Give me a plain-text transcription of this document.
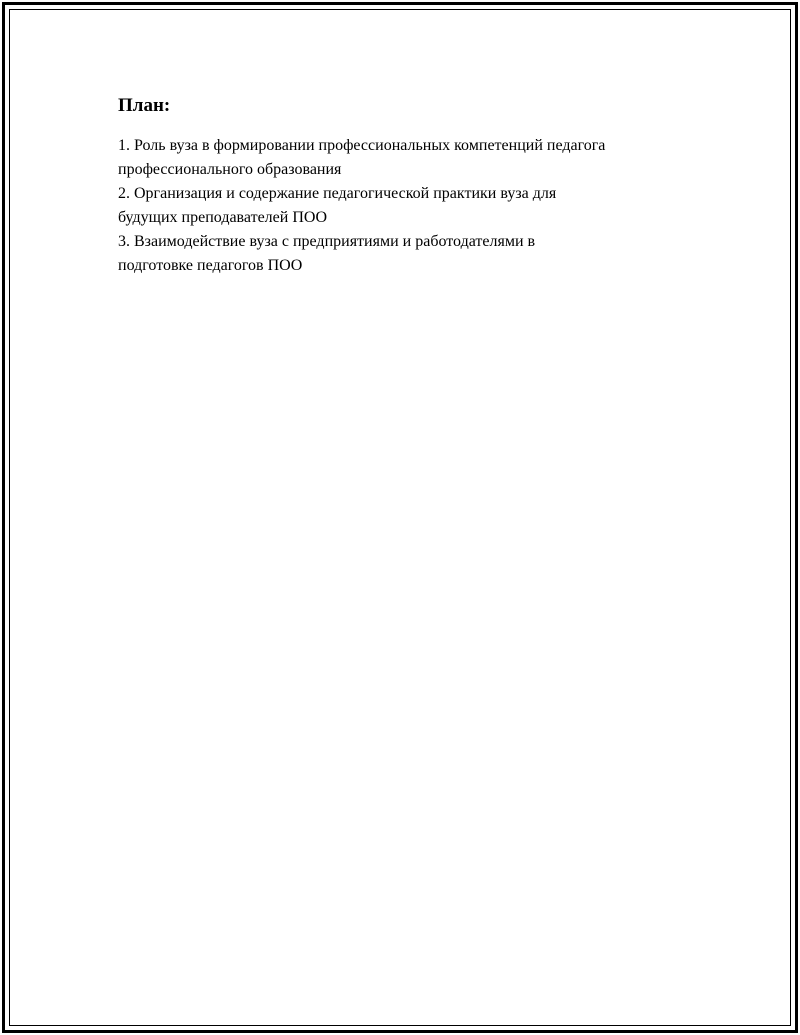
План:
1. Роль вуза в формировании профессиональных компетенций педагога
профессионального образования
2. Организация и содержание педагогической практики вуза для
будущих преподавателей ПОО
3. Взаимодействие вуза с предприятиями и работодателями в
подготовке педагогов ПОО
